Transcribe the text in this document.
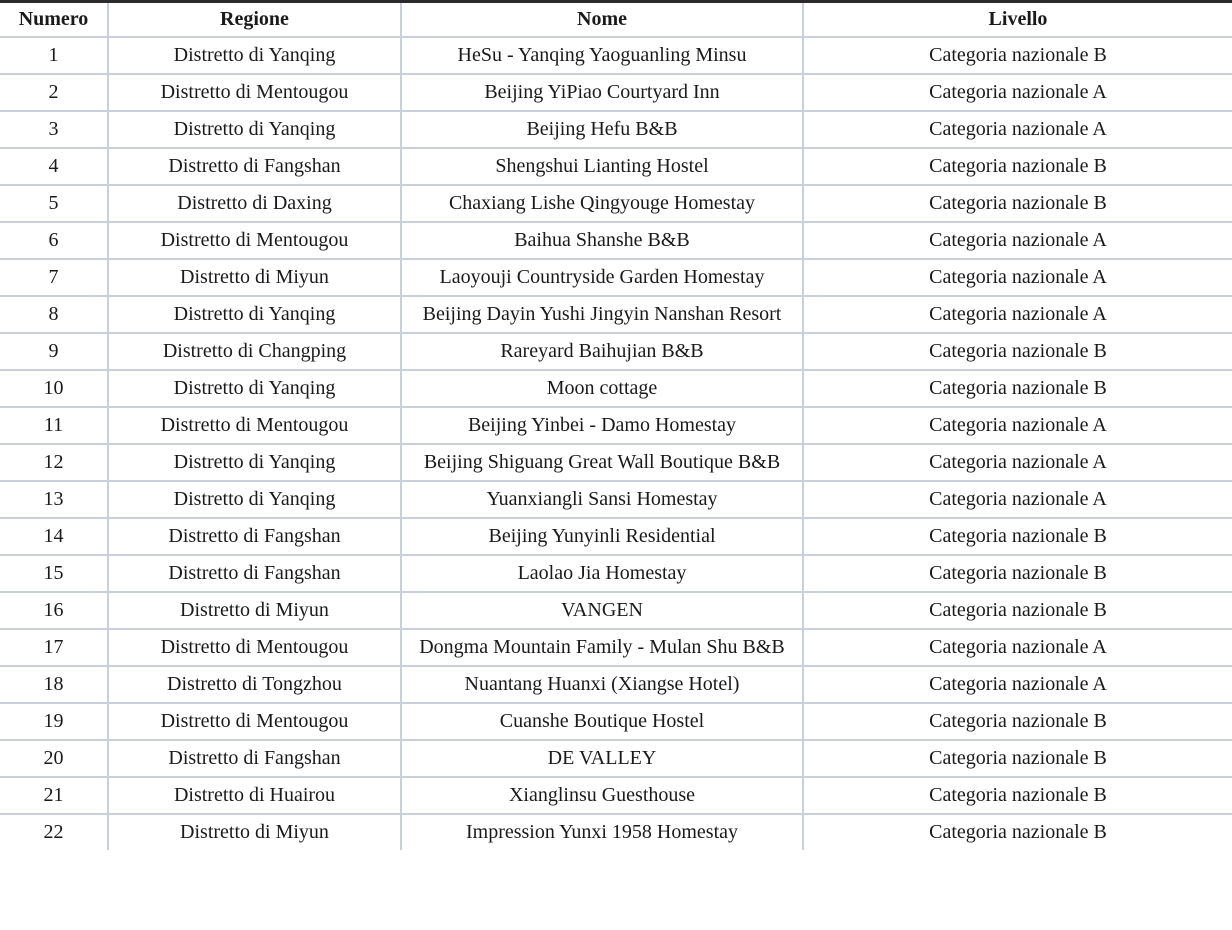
Numero	Regione	Nome	Livello
1	Distretto di Yanqing	HeSu - Yanqing Yaoguanling Minsu	Categoria nazionale B
2	Distretto di Mentougou	Beijing YiPiao Courtyard Inn	Categoria nazionale A
3	Distretto di Yanqing	Beijing Hefu B&B	Categoria nazionale A
4	Distretto di Fangshan	Shengshui Lianting Hostel	Categoria nazionale B
5	Distretto di Daxing	Chaxiang Lishe Qingyouge Homestay	Categoria nazionale B
6	Distretto di Mentougou	Baihua Shanshe B&B	Categoria nazionale A
7	Distretto di Miyun	Laoyouji Countryside Garden Homestay	Categoria nazionale A
8	Distretto di Yanqing	Beijing Dayin Yushi Jingyin Nanshan Resort	Categoria nazionale A
9	Distretto di Changping	Rareyard Baihujian B&B	Categoria nazionale B
10	Distretto di Yanqing	Moon cottage	Categoria nazionale B
11	Distretto di Mentougou	Beijing Yinbei - Damo Homestay	Categoria nazionale A
12	Distretto di Yanqing	Beijing Shiguang Great Wall Boutique B&B	Categoria nazionale A
13	Distretto di Yanqing	Yuanxiangli Sansi Homestay	Categoria nazionale A
14	Distretto di Fangshan	Beijing Yunyinli Residential	Categoria nazionale B
15	Distretto di Fangshan	Laolao Jia Homestay	Categoria nazionale B
16	Distretto di Miyun	VANGEN	Categoria nazionale B
17	Distretto di Mentougou	Dongma Mountain Family - Mulan Shu B&B	Categoria nazionale A
18	Distretto di Tongzhou	Nuantang Huanxi (Xiangse Hotel)	Categoria nazionale A
19	Distretto di Mentougou	Cuanshe Boutique Hostel	Categoria nazionale B
20	Distretto di Fangshan	DE VALLEY	Categoria nazionale B
21	Distretto di Huairou	Xianglinsu Guesthouse	Categoria nazionale B
22	Distretto di Miyun	Impression Yunxi 1958 Homestay	Categoria nazionale B
